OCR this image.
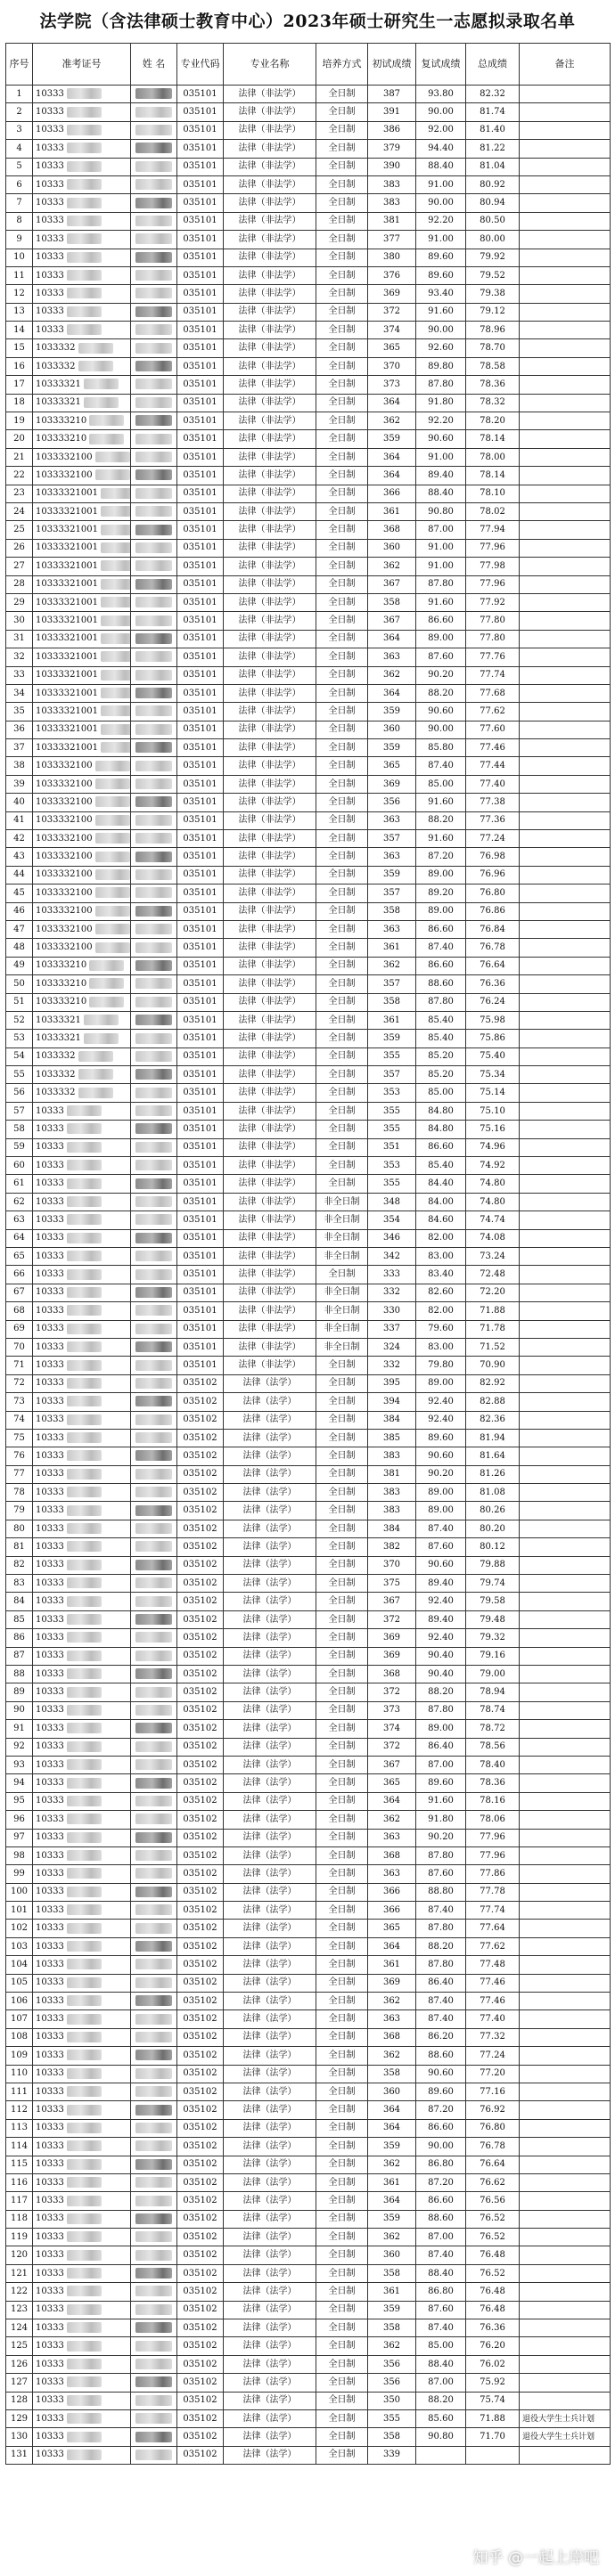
法学院（含法律硕士教育中心）2023年硕士研究生一志愿拟录取名单
序号	准考证号	姓 名	专业代码	专业名称	培养方式	初试成绩	复试成绩	总成绩	备注
1	10333		035101	法律（非法学）	全日制	387	93.80	82.32	
2	10333		035101	法律（非法学）	全日制	391	90.00	81.74	
3	10333		035101	法律（非法学）	全日制	386	92.00	81.40	
4	10333		035101	法律（非法学）	全日制	379	94.40	81.22	
5	10333		035101	法律（非法学）	全日制	390	88.40	81.04	
6	10333		035101	法律（非法学）	全日制	383	91.00	80.92	
7	10333		035101	法律（非法学）	全日制	383	90.00	80.94	
8	10333		035101	法律（非法学）	全日制	381	92.20	80.50	
9	10333		035101	法律（非法学）	全日制	377	91.00	80.00	
10	10333		035101	法律（非法学）	全日制	380	89.60	79.92	
11	10333		035101	法律（非法学）	全日制	376	89.60	79.52	
12	10333		035101	法律（非法学）	全日制	369	93.40	79.38	
13	10333		035101	法律（非法学）	全日制	372	91.60	79.12	
14	10333		035101	法律（非法学）	全日制	374	90.00	78.96	
15	1033332		035101	法律（非法学）	全日制	365	92.60	78.70	
16	1033332		035101	法律（非法学）	全日制	370	89.80	78.58	
17	10333321		035101	法律（非法学）	全日制	373	87.80	78.36	
18	10333321		035101	法律（非法学）	全日制	364	91.80	78.32	
19	103333210		035101	法律（非法学）	全日制	362	92.20	78.20	
20	103333210		035101	法律（非法学）	全日制	359	90.60	78.14	
21	1033332100		035101	法律（非法学）	全日制	364	91.00	78.00	
22	1033332100		035101	法律（非法学）	全日制	364	89.40	78.14	
23	10333321001		035101	法律（非法学）	全日制	366	88.40	78.10	
24	10333321001		035101	法律（非法学）	全日制	361	90.80	78.02	
25	10333321001		035101	法律（非法学）	全日制	368	87.00	77.94	
26	10333321001		035101	法律（非法学）	全日制	360	91.00	77.96	
27	10333321001		035101	法律（非法学）	全日制	362	91.00	77.98	
28	10333321001		035101	法律（非法学）	全日制	367	87.80	77.96	
29	10333321001		035101	法律（非法学）	全日制	358	91.60	77.92	
30	10333321001		035101	法律（非法学）	全日制	367	86.60	77.80	
31	10333321001		035101	法律（非法学）	全日制	364	89.00	77.80	
32	10333321001		035101	法律（非法学）	全日制	363	87.60	77.76	
33	10333321001		035101	法律（非法学）	全日制	362	90.20	77.74	
34	10333321001		035101	法律（非法学）	全日制	364	88.20	77.68	
35	10333321001		035101	法律（非法学）	全日制	359	90.60	77.62	
36	10333321001		035101	法律（非法学）	全日制	360	90.00	77.60	
37	10333321001		035101	法律（非法学）	全日制	359	85.80	77.46	
38	1033332100		035101	法律（非法学）	全日制	365	87.40	77.44	
39	1033332100		035101	法律（非法学）	全日制	369	85.00	77.40	
40	1033332100		035101	法律（非法学）	全日制	356	91.60	77.38	
41	1033332100		035101	法律（非法学）	全日制	363	88.20	77.36	
42	1033332100		035101	法律（非法学）	全日制	357	91.60	77.24	
43	1033332100		035101	法律（非法学）	全日制	363	87.20	76.98	
44	1033332100		035101	法律（非法学）	全日制	359	89.00	76.96	
45	1033332100		035101	法律（非法学）	全日制	357	89.20	76.80	
46	1033332100		035101	法律（非法学）	全日制	358	89.00	76.86	
47	1033332100		035101	法律（非法学）	全日制	363	86.60	76.84	
48	1033332100		035101	法律（非法学）	全日制	361	87.40	76.78	
49	103333210		035101	法律（非法学）	全日制	362	86.60	76.64	
50	103333210		035101	法律（非法学）	全日制	357	88.60	76.36	
51	103333210		035101	法律（非法学）	全日制	358	87.80	76.24	
52	10333321		035101	法律（非法学）	全日制	361	85.40	75.98	
53	10333321		035101	法律（非法学）	全日制	359	85.40	75.86	
54	1033332		035101	法律（非法学）	全日制	355	85.20	75.40	
55	1033332		035101	法律（非法学）	全日制	357	85.20	75.34	
56	1033332		035101	法律（非法学）	全日制	353	85.00	75.14	
57	10333		035101	法律（非法学）	全日制	355	84.80	75.10	
58	10333		035101	法律（非法学）	全日制	355	84.80	75.16	
59	10333		035101	法律（非法学）	全日制	351	86.60	74.96	
60	10333		035101	法律（非法学）	全日制	353	85.40	74.92	
61	10333		035101	法律（非法学）	全日制	355	84.40	74.80	
62	10333		035101	法律（非法学）	非全日制	348	84.00	74.80	
63	10333		035101	法律（非法学）	非全日制	354	84.60	74.74	
64	10333		035101	法律（非法学）	非全日制	346	82.00	74.08	
65	10333		035101	法律（非法学）	非全日制	342	83.00	73.24	
66	10333		035101	法律（非法学）	全日制	333	83.40	72.48	
67	10333		035101	法律（非法学）	非全日制	332	82.60	72.20	
68	10333		035101	法律（非法学）	非全日制	330	82.00	71.88	
69	10333		035101	法律（非法学）	非全日制	337	79.60	71.78	
70	10333		035101	法律（非法学）	非全日制	324	83.00	71.52	
71	10333		035101	法律（非法学）	全日制	332	79.80	70.90	
72	10333		035102	法律（法学）	全日制	395	89.00	82.92	
73	10333		035102	法律（法学）	全日制	394	92.40	82.88	
74	10333		035102	法律（法学）	全日制	384	92.40	82.36	
75	10333		035102	法律（法学）	全日制	385	89.60	81.94	
76	10333		035102	法律（法学）	全日制	383	90.60	81.64	
77	10333		035102	法律（法学）	全日制	381	90.20	81.26	
78	10333		035102	法律（法学）	全日制	383	89.00	81.08	
79	10333		035102	法律（法学）	全日制	383	89.00	80.26	
80	10333		035102	法律（法学）	全日制	384	87.40	80.20	
81	10333		035102	法律（法学）	全日制	382	87.60	80.12	
82	10333		035102	法律（法学）	全日制	370	90.60	79.88	
83	10333		035102	法律（法学）	全日制	375	89.40	79.74	
84	10333		035102	法律（法学）	全日制	367	92.40	79.58	
85	10333		035102	法律（法学）	全日制	372	89.40	79.48	
86	10333		035102	法律（法学）	全日制	369	92.40	79.32	
87	10333		035102	法律（法学）	全日制	369	90.40	79.16	
88	10333		035102	法律（法学）	全日制	368	90.40	79.00	
89	10333		035102	法律（法学）	全日制	372	88.20	78.94	
90	10333		035102	法律（法学）	全日制	373	87.80	78.74	
91	10333		035102	法律（法学）	全日制	374	89.00	78.72	
92	10333		035102	法律（法学）	全日制	372	86.40	78.56	
93	10333		035102	法律（法学）	全日制	367	87.00	78.40	
94	10333		035102	法律（法学）	全日制	365	89.60	78.36	
95	10333		035102	法律（法学）	全日制	364	91.60	78.16	
96	10333		035102	法律（法学）	全日制	362	91.80	78.06	
97	10333		035102	法律（法学）	全日制	363	90.20	77.96	
98	10333		035102	法律（法学）	全日制	368	87.80	77.96	
99	10333		035102	法律（法学）	全日制	363	87.60	77.86	
100	10333		035102	法律（法学）	全日制	366	88.80	77.78	
101	10333		035102	法律（法学）	全日制	366	87.40	77.74	
102	10333		035102	法律（法学）	全日制	365	87.80	77.64	
103	10333		035102	法律（法学）	全日制	364	88.20	77.62	
104	10333		035102	法律（法学）	全日制	361	87.80	77.48	
105	10333		035102	法律（法学）	全日制	369	86.40	77.46	
106	10333		035102	法律（法学）	全日制	362	87.40	77.46	
107	10333		035102	法律（法学）	全日制	363	87.40	77.40	
108	10333		035102	法律（法学）	全日制	368	86.20	77.32	
109	10333		035102	法律（法学）	全日制	362	88.60	77.24	
110	10333		035102	法律（法学）	全日制	358	90.60	77.20	
111	10333		035102	法律（法学）	全日制	360	89.60	77.16	
112	10333		035102	法律（法学）	全日制	364	87.20	76.92	
113	10333		035102	法律（法学）	全日制	364	86.60	76.80	
114	10333		035102	法律（法学）	全日制	359	90.00	76.78	
115	10333		035102	法律（法学）	全日制	362	86.80	76.64	
116	10333		035102	法律（法学）	全日制	361	87.20	76.62	
117	10333		035102	法律（法学）	全日制	364	86.60	76.56	
118	10333		035102	法律（法学）	全日制	359	88.60	76.52	
119	10333		035102	法律（法学）	全日制	362	87.00	76.52	
120	10333		035102	法律（法学）	全日制	360	87.40	76.48	
121	10333		035102	法律（法学）	全日制	358	88.40	76.52	
122	10333		035102	法律（法学）	全日制	361	86.80	76.48	
123	10333		035102	法律（法学）	全日制	359	87.60	76.48	
124	10333		035102	法律（法学）	全日制	358	87.40	76.36	
125	10333		035102	法律（法学）	全日制	362	85.00	76.20	
126	10333		035102	法律（法学）	全日制	356	88.40	76.02	
127	10333		035102	法律（法学）	全日制	356	87.00	75.92	
128	10333		035102	法律（法学）	全日制	350	88.20	75.74	
129	10333		035102	法律（法学）	全日制	355	85.60	71.88	退役大学生士兵计划
130	10333		035102	法律（法学）	全日制	358	90.80	71.70	退役大学生士兵计划
131	10333		035102	法律（法学）	全日制	339			
知乎 @一起上岸吧
